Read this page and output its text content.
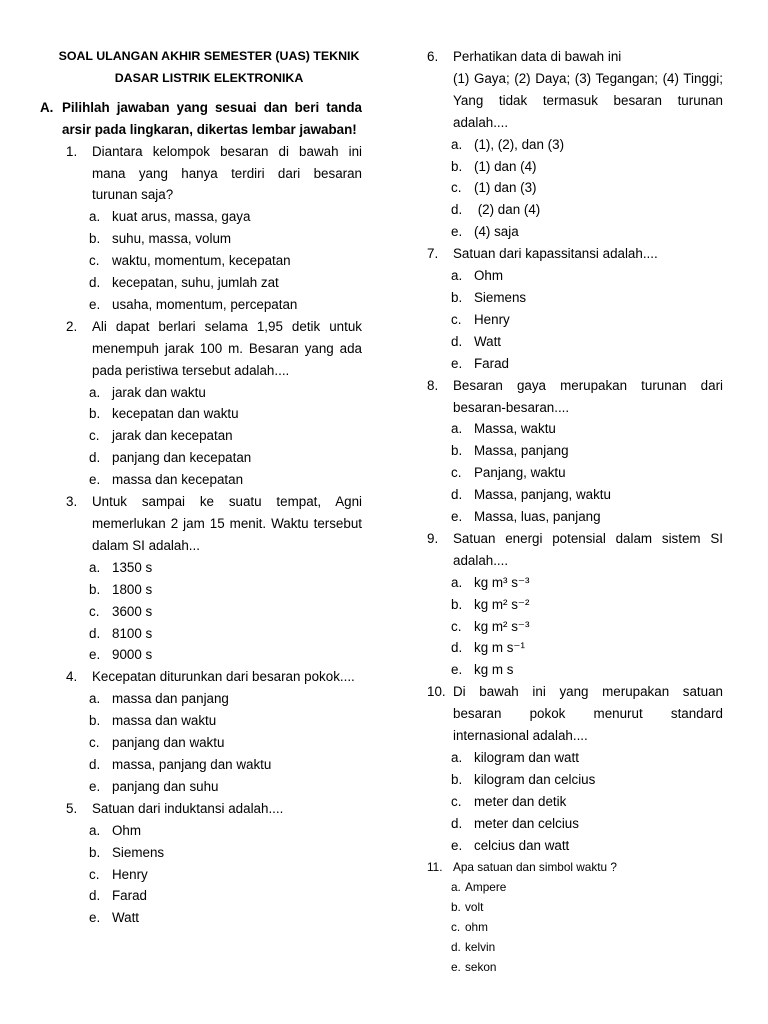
SOAL ULANGAN AKHIR SEMESTER (UAS) TEKNIK
DASAR LISTRIK ELEKTRONIKA
A. Pilihlah jawaban yang sesuai dan beri tanda arsir pada lingkaran, dikertas lembar jawaban!
1.	Diantara kelompok besaran di bawah ini mana yang hanya terdiri dari besaran turunan saja?
a. kuat arus, massa, gaya
b. suhu, massa, volum
c. waktu, momentum, kecepatan
d. kecepatan, suhu, jumlah zat
e. usaha, momentum, percepatan
2.	Ali dapat berlari selama 1,95 detik untuk menempuh jarak 100 m. Besaran yang ada pada peristiwa tersebut adalah....
a. jarak dan waktu
b. kecepatan dan waktu
c. jarak dan kecepatan
d. panjang dan kecepatan
e. massa dan kecepatan
3.	Untuk sampai ke suatu tempat, Agni memerlukan 2 jam 15 menit. Waktu tersebut dalam SI adalah...
a. 1350 s
b. 1800 s
c. 3600 s
d. 8100 s
e. 9000 s
4.	Kecepatan diturunkan dari besaran pokok....
a. massa dan panjang
b. massa dan waktu
c. panjang dan waktu
d. massa, panjang dan waktu
e. panjang dan suhu
5.	Satuan dari induktansi adalah....
a. Ohm
b. Siemens
c. Henry
d. Farad
e. Watt
6.	Perhatikan data di bawah ini
(1) Gaya; (2) Daya; (3) Tegangan; (4) Tinggi; Yang tidak termasuk besaran turunan adalah....
a. (1), (2), dan (3)
b. (1) dan (4)
c. (1) dan (3)
d. (2) dan (4)
e. (4) saja
7.	Satuan dari kapassitansi adalah....
a. Ohm
b. Siemens
c. Henry
d. Watt
e. Farad
8.	Besaran gaya merupakan turunan dari besaran-besaran....
a. Massa, waktu
b. Massa, panjang
c. Panjang, waktu
d. Massa, panjang, waktu
e. Massa, luas, panjang
9.	Satuan energi potensial dalam sistem SI adalah....
a. kg m³ s⁻³
b. kg m² s⁻²
c. kg m² s⁻³
d. kg m s⁻¹
e. kg m s
10. Di bawah ini yang merupakan satuan besaran pokok menurut standard internasional adalah....
a. kilogram dan watt
b. kilogram dan celcius
c. meter dan detik
d. meter dan celcius
e. celcius dan watt
11. Apa satuan dan simbol waktu ?
a. Ampere
b. volt
c. ohm
d. kelvin
e. sekon
